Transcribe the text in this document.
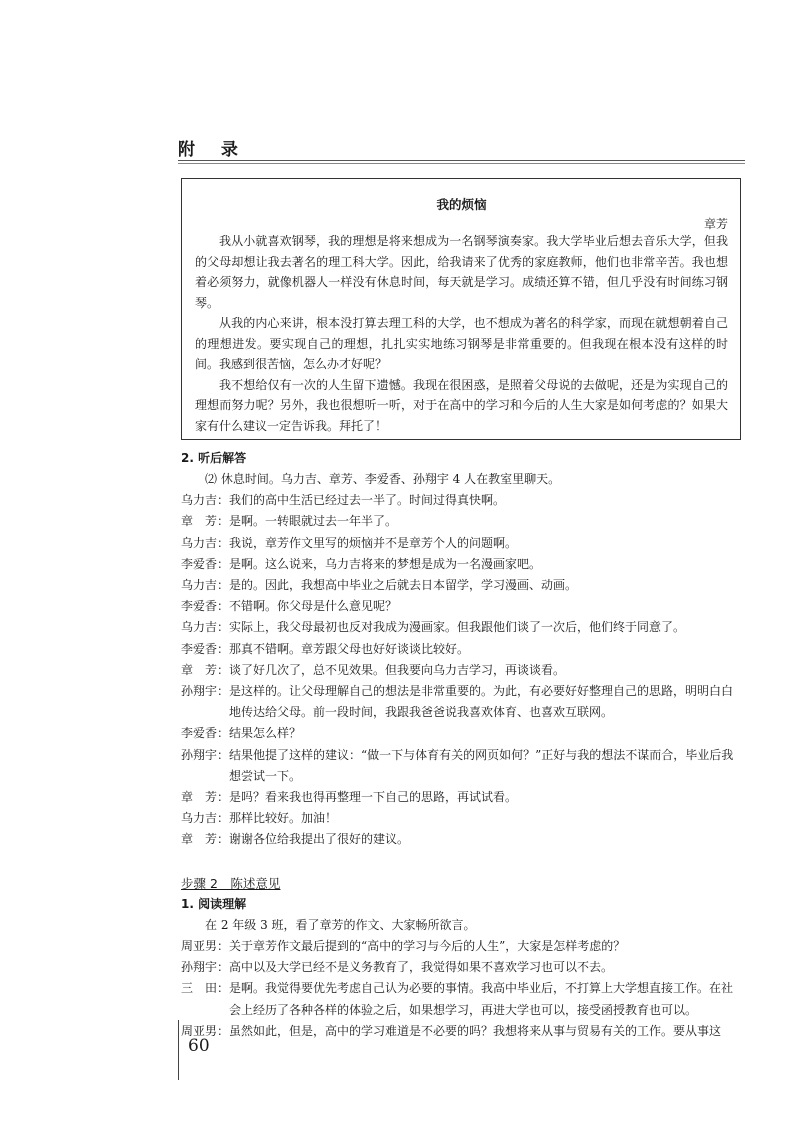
附 录
我的烦恼
章芳

我从小就喜欢钢琴，我的理想是将来想成为一名钢琴演奏家。我大学毕业后想去音乐大学，但我的父母却想让我去著名的理工科大学。因此，给我请来了优秀的家庭教师，他们也非常辛苦。我也想着必须努力，就像机器人一样没有休息时间，每天就是学习。成绩还算不错，但几乎没有时间练习钢琴。

从我的内心来讲，根本没打算去理工科的大学，也不想成为著名的科学家，而现在就想朝着自己的理想进发。要实现自己的理想，扎扎实实地练习钢琴是非常重要的。但我现在根本没有这样的时间。我感到很苦恼，怎么办才好呢？

我不想给仅有一次的人生留下遗憾。我现在很困惑，是照着父母说的去做呢，还是为实现自己的理想而努力呢？另外，我也很想听一听，对于在高中的学习和今后的人生大家是如何考虑的？如果大家有什么建议一定告诉我。拜托了！

2. 听后解答
⑵ 休息时间。乌力吉、章芳、李爱香、孙翔宇 4 人在教室里聊天。
乌力吉： 我们的高中生活已经过去一半了。时间过得真快啊。
章　芳： 是啊。一转眼就过去一年半了。
乌力吉： 我说，章芳作文里写的烦恼并不是章芳个人的问题啊。
李爱香： 是啊。这么说来，乌力吉将来的梦想是成为一名漫画家吧。
乌力吉： 是的。因此，我想高中毕业之后就去日本留学，学习漫画、动画。
李爱香： 不错啊。你父母是什么意见呢？
乌力吉： 实际上，我父母最初也反对我成为漫画家。但我跟他们谈了一次后，他们终于同意了。
李爱香： 那真不错啊。章芳跟父母也好好谈谈比较好。
章　芳： 谈了好几次了，总不见效果。但我要向乌力吉学习，再谈谈看。
孙翔宇： 是这样的。让父母理解自己的想法是非常重要的。为此，有必要好好整理自己的思路，明明白白地传达给父母。前一段时间，我跟我爸爸说我喜欢体育、也喜欢互联网。
李爱香： 结果怎么样？
孙翔宇： 结果他提了这样的建议：“做一下与体育有关的网页如何？”正好与我的想法不谋而合，毕业后我想尝试一下。
章　芳： 是吗？看来我也得再整理一下自己的思路，再试试看。
乌力吉： 那样比较好。加油！
章　芳： 谢谢各位给我提出了很好的建议。
步骤 2　陈述意见
1. 阅读理解
在 2 年级 3 班，看了章芳的作文、大家畅所欲言。
周亚男： 关于章芳作文最后提到的“高中的学习与今后的人生”，大家是怎样考虑的？
孙翔宇： 高中以及大学已经不是义务教育了，我觉得如果不喜欢学习也可以不去。
三　田： 是啊。我觉得要优先考虑自己认为必要的事情。我高中毕业后，不打算上大学想直接工作。在社会上经历了各种各样的体验之后，如果想学习，再进大学也可以，接受函授教育也可以。
周亚男： 虽然如此，但是，高中的学习难道是不必要的吗？我想将来从事与贸易有关的工作。要从事这
60
